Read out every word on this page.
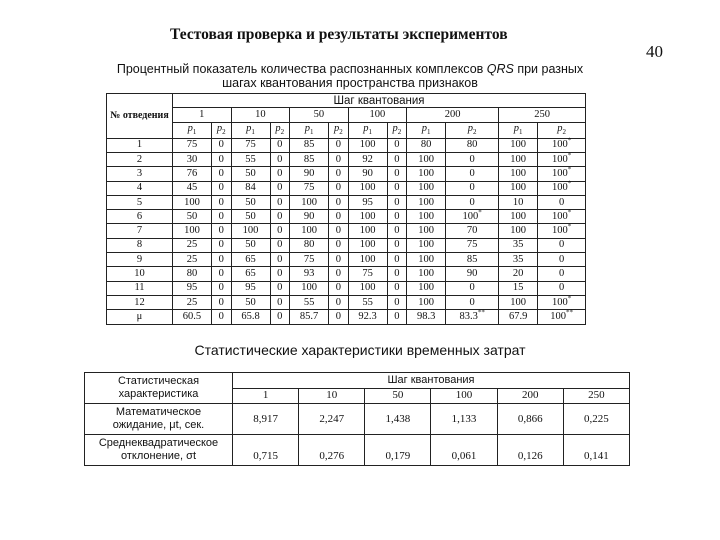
Тестовая проверка и результаты экспериментов
40
Процентный показатель количества распознанных комплексов QRS при разных
шагах квантования пространства признаков
№ отведения	Шаг квантования											
	1		10		50		100		200		250	
	$p_1$	$p_2$	$p_1$	$p_2$	$p_1$	$p_2$	$p_1$	$p_2$	$p_1$	$p_2$	$p_1$	$p_2$
1	75	0	75	0	85	0	100	0	80	80	100	100*
2	30	0	55	0	85	0	92	0	100	0	100	100*
3	76	0	50	0	90	0	90	0	100	0	100	100*
4	45	0	84	0	75	0	100	0	100	0	100	100*
5	100	0	50	0	100	0	95	0	100	0	10	0
6	50	0	50	0	90	0	100	0	100	100*	100	100*
7	100	0	100	0	100	0	100	0	100	70	100	100*
8	25	0	50	0	80	0	100	0	100	75	35	0
9	25	0	65	0	75	0	100	0	100	85	35	0
10	80	0	65	0	93	0	75	0	100	90	20	0
11	95	0	95	0	100	0	100	0	100	0	15	0
12	25	0	50	0	55	0	55	0	100	0	100	100*
μ	60.5	0	65.8	0	85.7	0	92.3	0	98.3	83.3**	67.9	100**
Статистические характеристики временных затрат
Статистическая характеристика	Шаг квантования					
	1	10	50	100	200	250
Математическое ожидание, μt, сек.	8,917	2,247	1,438	1,133	0,866	0,225
Среднеквадратическое отклонение, σt	0,715	0,276	0,179	0,061	0,126	0,141
